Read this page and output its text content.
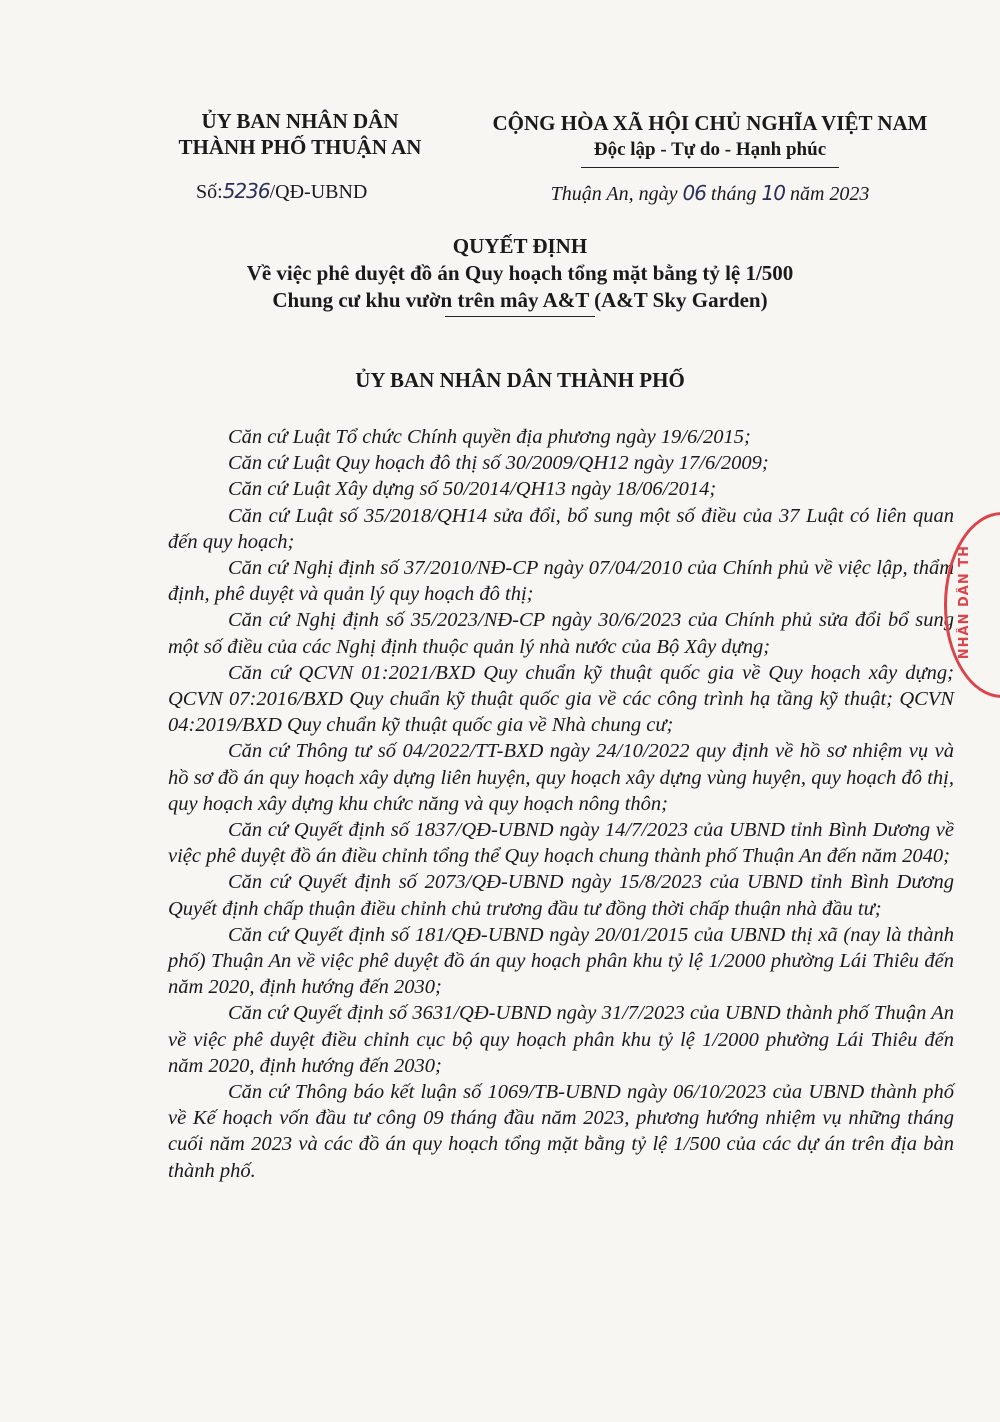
ỦY BAN NHÂN DÂN
THÀNH PHỐ THUẬN AN
Số:5236/QĐ-UBND
CỘNG HÒA XÃ HỘI CHỦ NGHĨA VIỆT NAM
Độc lập - Tự do - Hạnh phúc
Thuận An, ngày 06 tháng 10 năm 2023
QUYẾT ĐỊNH
Về việc phê duyệt đồ án Quy hoạch tổng mặt bằng tỷ lệ 1/500
Chung cư khu vườn trên mây A&T (A&T Sky Garden)
ỦY BAN NHÂN DÂN THÀNH PHỐ
Căn cứ Luật Tổ chức Chính quyền địa phương ngày 19/6/2015;
Căn cứ Luật Quy hoạch đô thị số 30/2009/QH12 ngày 17/6/2009;
Căn cứ Luật Xây dựng số 50/2014/QH13 ngày 18/06/2014;
Căn cứ Luật số 35/2018/QH14 sửa đổi, bổ sung một số điều của 37 Luật có liên quan đến quy hoạch;
Căn cứ Nghị định số 37/2010/NĐ-CP ngày 07/04/2010 của Chính phủ về việc lập, thẩm định, phê duyệt và quản lý quy hoạch đô thị;
Căn cứ Nghị định số 35/2023/NĐ-CP ngày 30/6/2023 của Chính phủ sửa đổi bổ sung một số điều của các Nghị định thuộc quản lý nhà nước của Bộ Xây dựng;
Căn cứ QCVN 01:2021/BXD Quy chuẩn kỹ thuật quốc gia về Quy hoạch xây dựng; QCVN 07:2016/BXD Quy chuẩn kỹ thuật quốc gia về các công trình hạ tầng kỹ thuật; QCVN 04:2019/BXD Quy chuẩn kỹ thuật quốc gia về Nhà chung cư;
Căn cứ Thông tư số 04/2022/TT-BXD ngày 24/10/2022 quy định về hồ sơ nhiệm vụ và hồ sơ đồ án quy hoạch xây dựng liên huyện, quy hoạch xây dựng vùng huyện, quy hoạch đô thị, quy hoạch xây dựng khu chức năng và quy hoạch nông thôn;
Căn cứ Quyết định số 1837/QĐ-UBND ngày 14/7/2023 của UBND tỉnh Bình Dương về việc phê duyệt đồ án điều chỉnh tổng thể Quy hoạch chung thành phố Thuận An đến năm 2040;
Căn cứ Quyết định số 2073/QĐ-UBND ngày 15/8/2023 của UBND tỉnh Bình Dương Quyết định chấp thuận điều chỉnh chủ trương đầu tư đồng thời chấp thuận nhà đầu tư;
Căn cứ Quyết định số 181/QĐ-UBND ngày 20/01/2015 của UBND thị xã (nay là thành phố) Thuận An về việc phê duyệt đồ án quy hoạch phân khu tỷ lệ 1/2000 phường Lái Thiêu đến năm 2020, định hướng đến 2030;
Căn cứ Quyết định số 3631/QĐ-UBND ngày 31/7/2023 của UBND thành phố Thuận An về việc phê duyệt điều chỉnh cục bộ quy hoạch phân khu tỷ lệ 1/2000 phường Lái Thiêu đến năm 2020, định hướng đến 2030;
Căn cứ Thông báo kết luận số 1069/TB-UBND ngày 06/10/2023 của UBND thành phố về Kế hoạch vốn đầu tư công 09 tháng đầu năm 2023, phương hướng nhiệm vụ những tháng cuối năm 2023 và các đồ án quy hoạch tổng mặt bằng tỷ lệ 1/500 của các dự án trên địa bàn thành phố.
NHÂN DÂN TH
